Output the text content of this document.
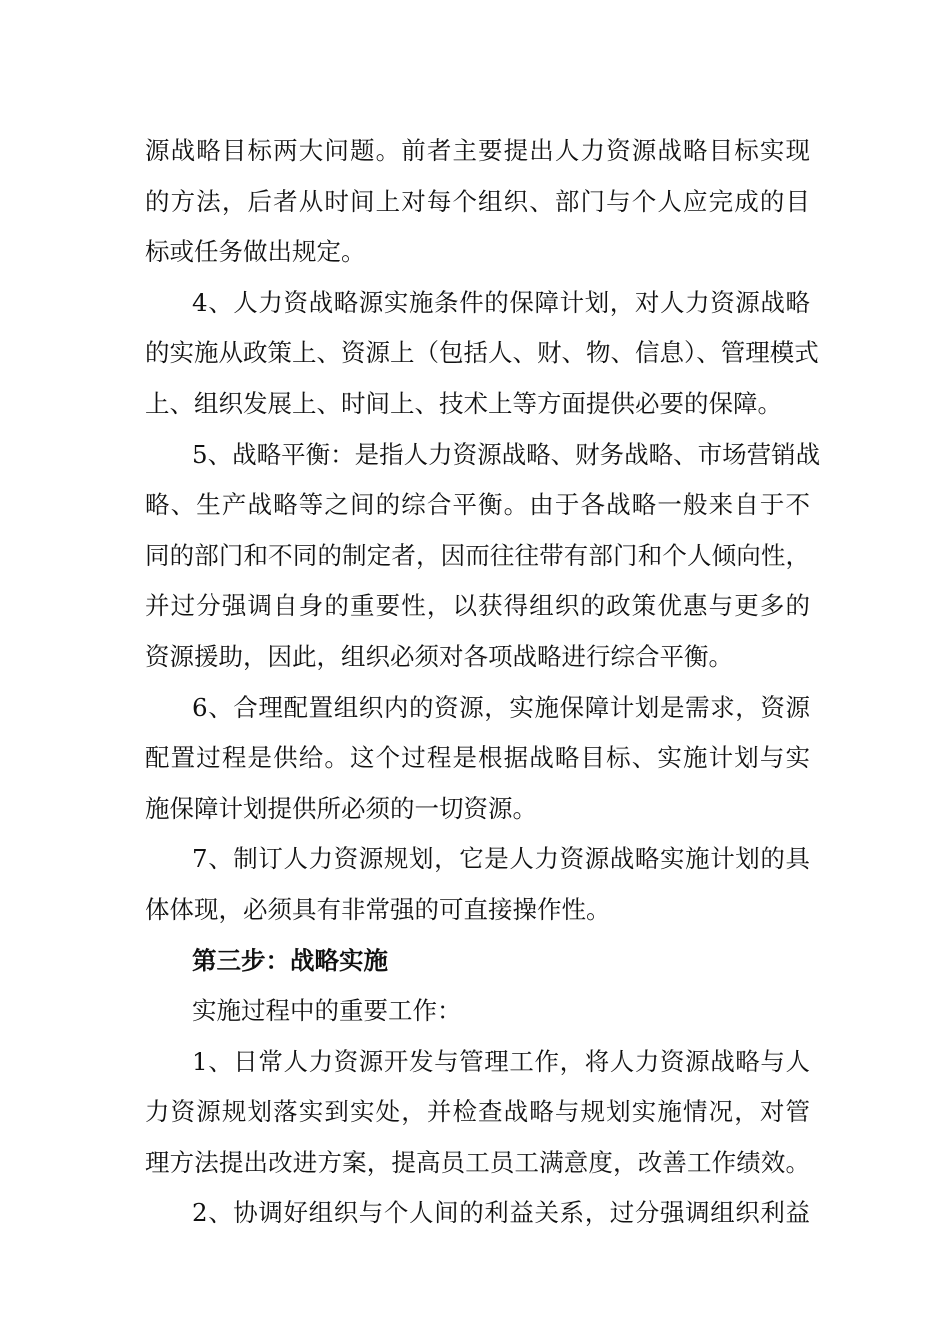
源战略目标两大问题。前者主要提出人力资源战略目标实现
的方法，后者从时间上对每个组织、部门与个人应完成的目
标或任务做出规定。
4、人力资战略源实施条件的保障计划，对人力资源战略
的实施从政策上、资源上（包括人、财、物、信息）、管理模式
上、组织发展上、时间上、技术上等方面提供必要的保障。
5、战略平衡：是指人力资源战略、财务战略、市场营销战
略、生产战略等之间的综合平衡。由于各战略一般来自于不
同的部门和不同的制定者，因而往往带有部门和个人倾向性，
并过分强调自身的重要性，以获得组织的政策优惠与更多的
资源援助，因此，组织必须对各项战略进行综合平衡。
6、合理配置组织内的资源，实施保障计划是需求，资源
配置过程是供给。这个过程是根据战略目标、实施计划与实
施保障计划提供所必须的一切资源。
7、制订人力资源规划，它是人力资源战略实施计划的具
体体现，必须具有非常强的可直接操作性。
第三步：战略实施
实施过程中的重要工作：
1、日常人力资源开发与管理工作，将人力资源战略与人
力资源规划落实到实处，并检查战略与规划实施情况，对管
理方法提出改进方案，提高员工员工满意度，改善工作绩效。
2、协调好组织与个人间的利益关系，过分强调组织利益
